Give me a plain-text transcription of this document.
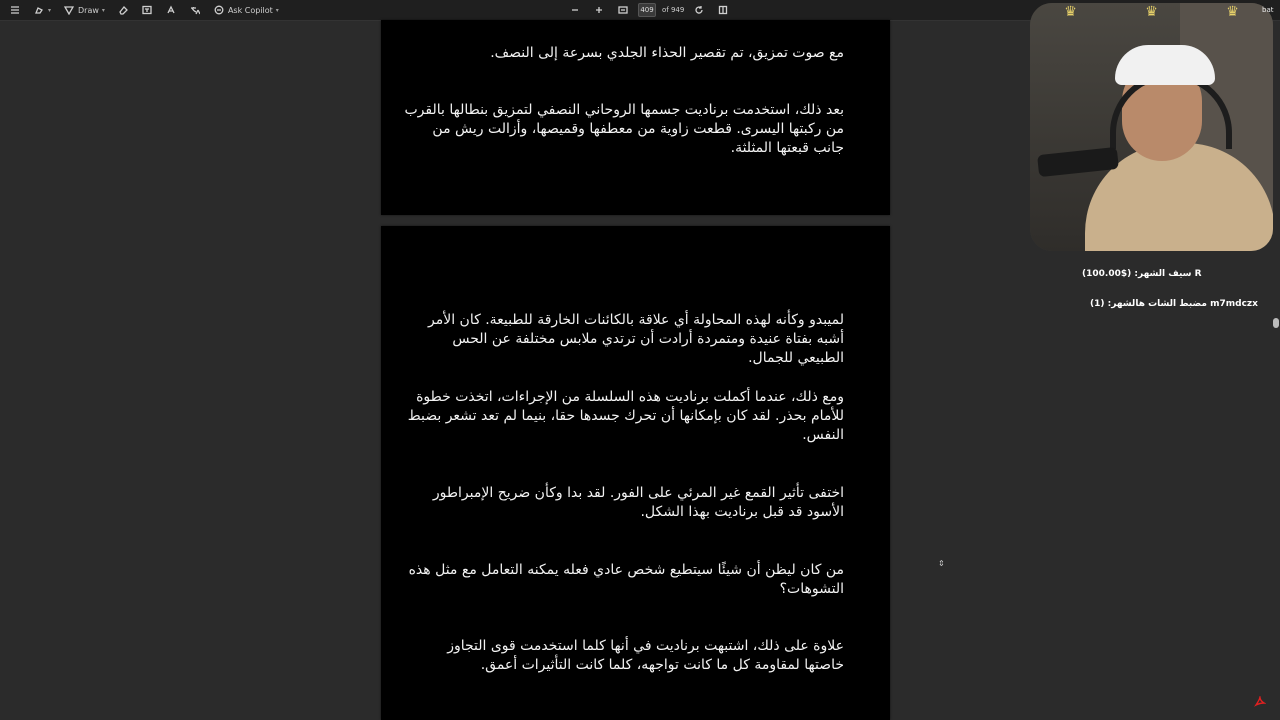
▾	Draw ▾	Ask Copilot ▾	409	of 949
مع صوت تمزيق، تم تقصير الحذاء الجلدي بسرعة إلى النصف.
بعد ذلك، استخدمت برناديت جسمها الروحاني النصفي لتمزيق بنطالها بالقرب من ركبتها اليسرى. قطعت زاوية من معطفها وقميصها، وأزالت ريش من جانب قبعتها المثلثة.
لميبدو وكأنه لهذه المحاولة أي علاقة بالكائنات الخارقة للطبيعة. كان الأمر أشبه بفتاة عنيدة ومتمردة أرادت أن ترتدي ملابس مختلفة عن الحس الطبيعي للجمال.
ومع ذلك، عندما أكملت برناديت هذه السلسلة من الإجراءات، اتخذت خطوة للأمام بحذر. لقد كان بإمكانها أن تحرك جسدها حقا، بنيما لم تعد تشعر بضبط النفس.
اختفى تأثير القمع غير المرئي على الفور. لقد بدا وكأن ضريح الإمبراطور الأسود قد قبل برناديت بهذا الشكل.
من كان ليظن أن شيئًا سيتطيع شخص عادي فعله يمكنه التعامل مع مثل هذه التشوهات؟
علاوة على ذلك، اشتبهت برناديت في أنها كلما استخدمت قوى التجاوز خاصتها لمقاومة كل ما كانت تواجهه، كلما كانت التأثيرات أعمق.
♛	♛	♛	bat
سيف الشهر: ($100.00) R
مضبط الشات هالشهر: (1) m7mdczx
⇕
